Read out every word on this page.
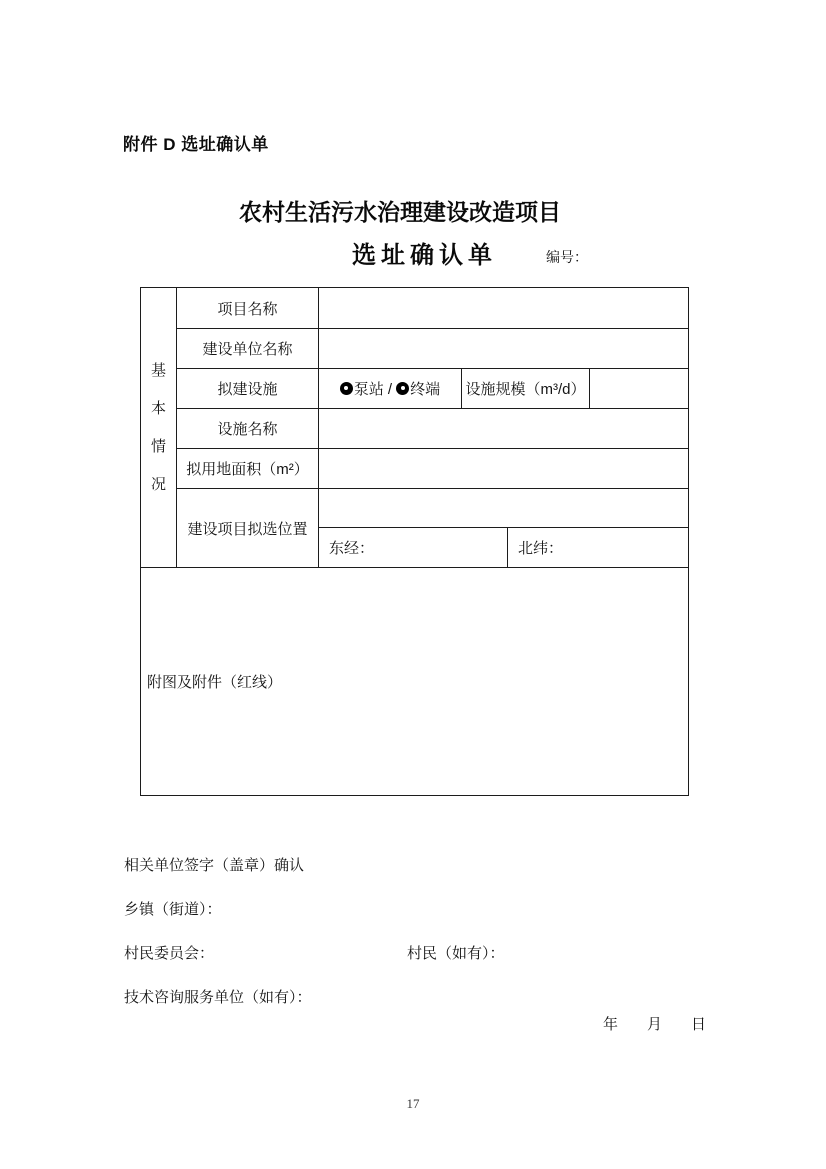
附件 D 选址确认单
农村生活污水治理建设改造项目
选址确认单	编号：
基
本
情
况	项目名称				
	建设单位名称				
	拟建设施	泵站 / 终端	设施规模（m³/d）		
	设施名称				
	拟用地面积（m²）				
	建设项目拟选位置				
		东经：		北纬：	
附图及附件（红线）					
相关单位签字（盖章）确认
乡镇（街道）：
村民委员会：	村民（如有）：
技术咨询服务单位（如有）：
年 月 日
17
